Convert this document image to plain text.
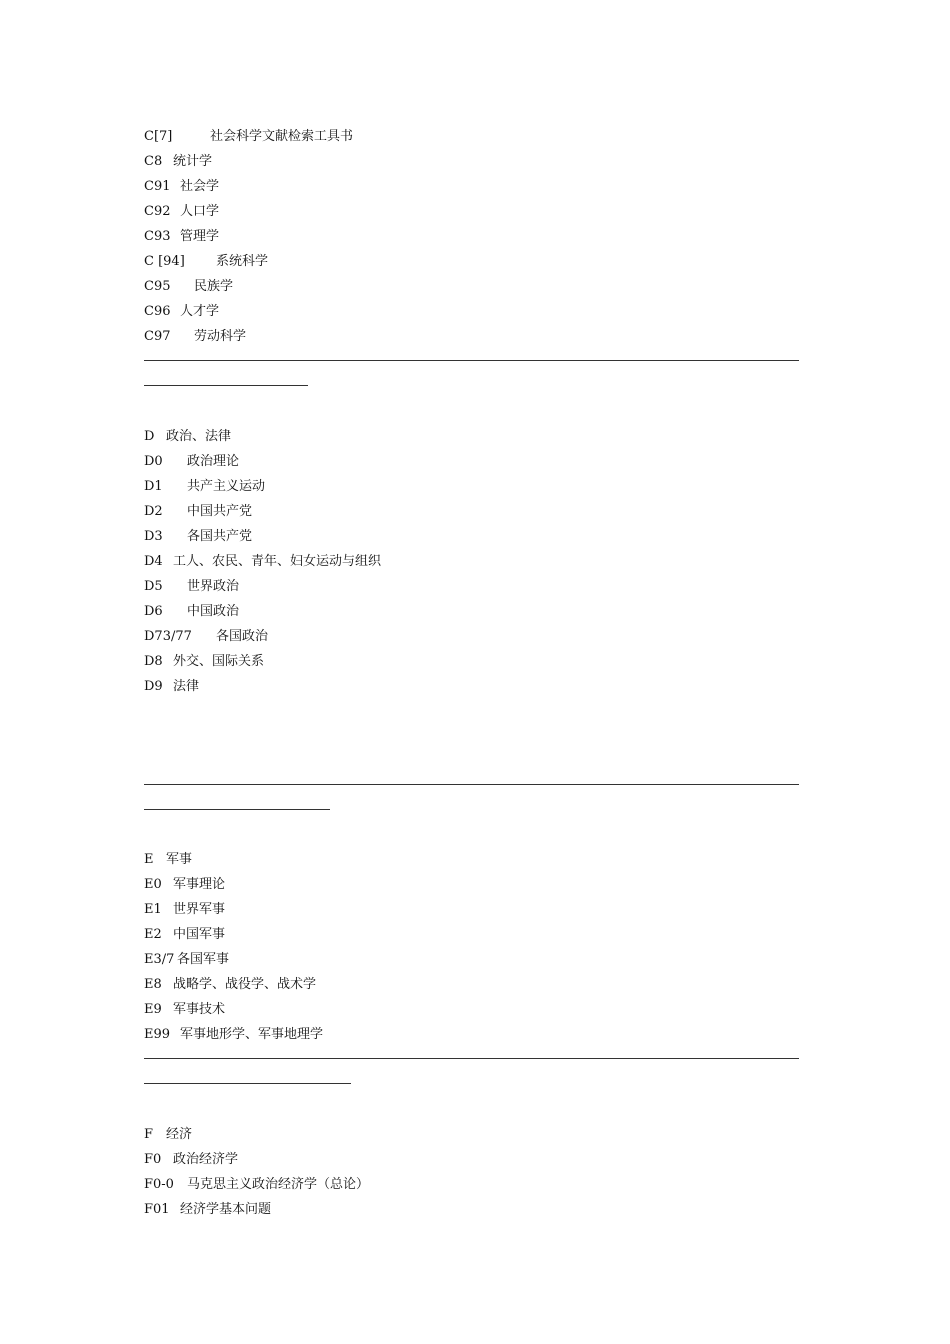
C[7]	社会科学文献检索工具书
C8 统计学
C91 社会学
C92 人口学
C93 管理学
C [94] 系统科学
C95 民族学
C96 人才学
C97 劳动科学
D 政治、法律
D0 政治理论
D1 共产主义运动
D2 中国共产党
D3 各国共产党
D4 工人、农民、青年、妇女运动与组织
D5 世界政治
D6 中国政治
D73/77 各国政治
D8 外交、国际关系
D9 法律
E 军事
E0 军事理论
E1 世界军事
E2 中国军事
E3/7 各国军事
E8 战略学、战役学、战术学
E9 军事技术
E99 军事地形学、军事地理学
F 经济
F0 政治经济学
F0-0 马克思主义政治经济学（总论）
F01 经济学基本问题
